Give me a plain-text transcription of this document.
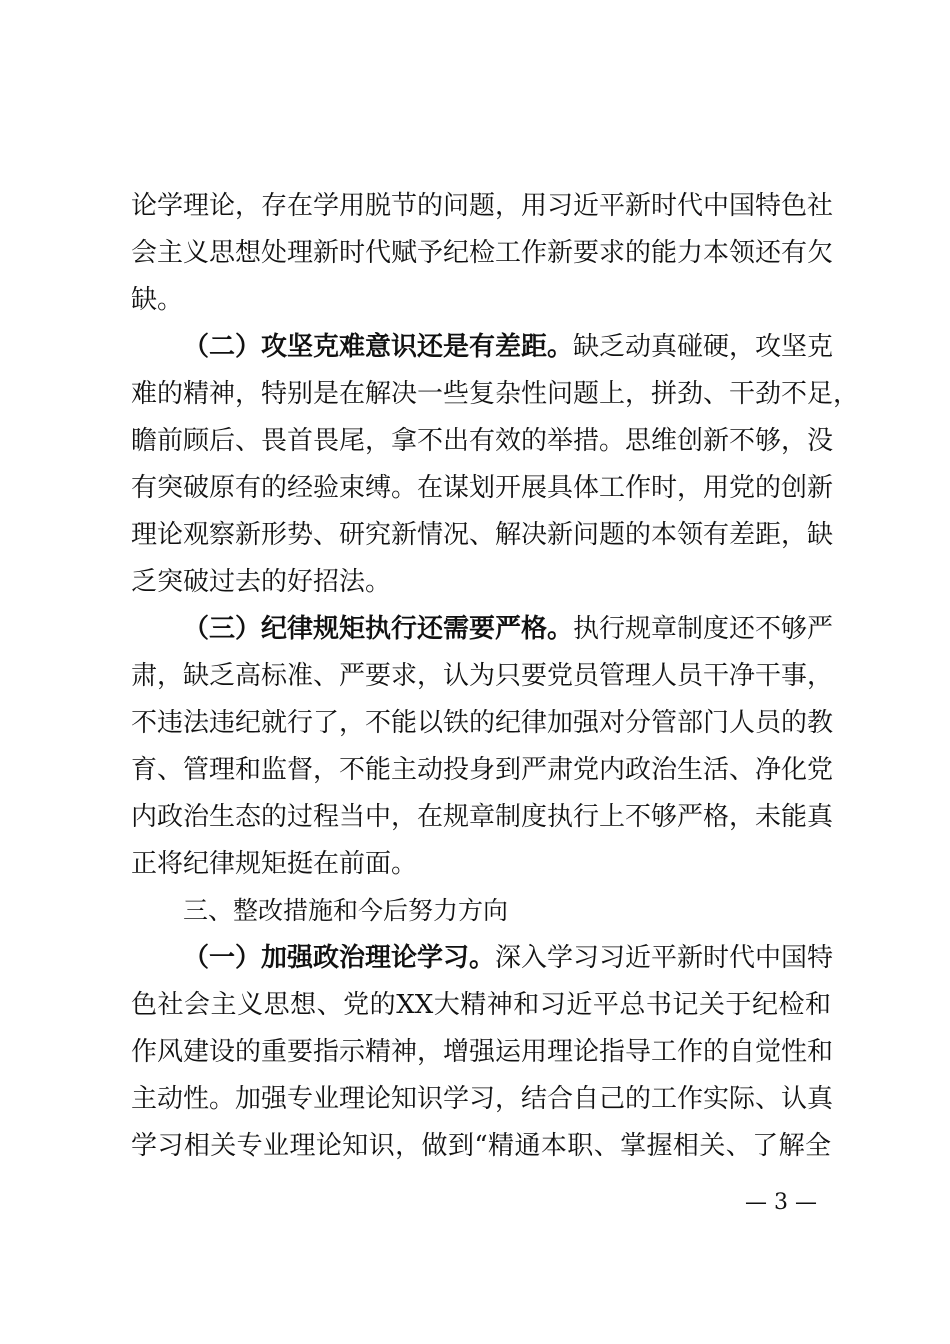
论学理论，存在学用脱节的问题，用习近平新时代中国特色社
会主义思想处理新时代赋予纪检工作新要求的能力本领还有欠
缺。
（二）攻坚克难意识还是有差距。缺乏动真碰硬，攻坚克
难的精神，特别是在解决一些复杂性问题上，拼劲、干劲不足，
瞻前顾后、畏首畏尾，拿不出有效的举措。思维创新不够，没
有突破原有的经验束缚。在谋划开展具体工作时，用党的创新
理论观察新形势、研究新情况、解决新问题的本领有差距，缺
乏突破过去的好招法。
（三）纪律规矩执行还需要严格。执行规章制度还不够严
肃，缺乏高标准、严要求，认为只要党员管理人员干净干事，
不违法违纪就行了，不能以铁的纪律加强对分管部门人员的教
育、管理和监督，不能主动投身到严肃党内政治生活、净化党
内政治生态的过程当中，在规章制度执行上不够严格，未能真
正将纪律规矩挺在前面。
三、整改措施和今后努力方向
（一）加强政治理论学习。深入学习习近平新时代中国特
色社会主义思想、党的XX大精神和习近平总书记关于纪检和
作风建设的重要指示精神，增强运用理论指导工作的自觉性和
主动性。加强专业理论知识学习，结合自己的工作实际、认真
学习相关专业理论知识，做到“精通本职、掌握相关、了解全
— 3 —
